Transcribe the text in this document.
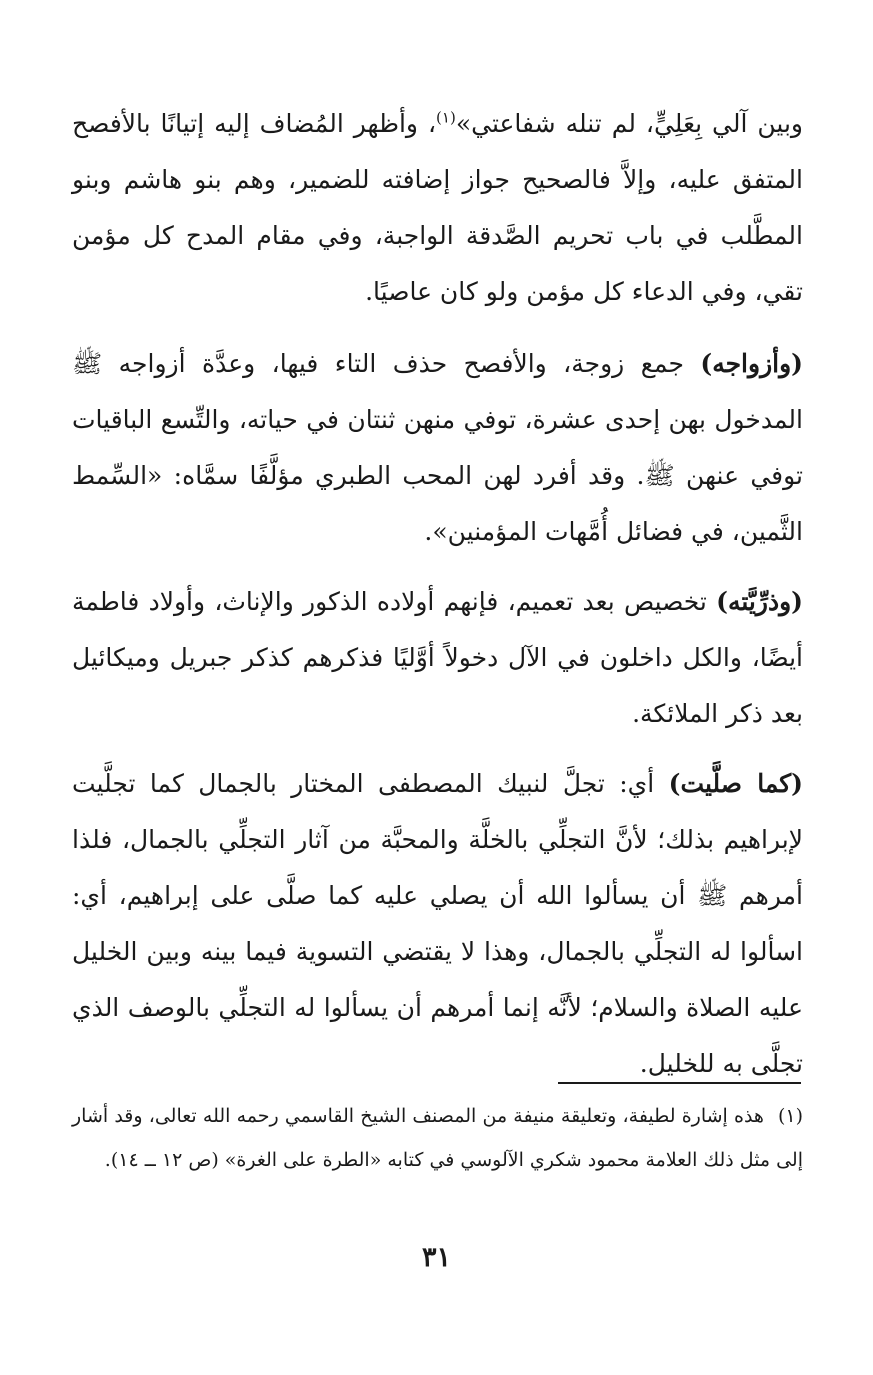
وبين آلي بِعَلِيٍّ، لم تنله شفاعتي»$^{(١)}$، وأظهر المُضاف إليه إتيانًا بالأفصح المتفق عليه، وإلاَّ فالصحيح جواز إضافته للضمير، وهم بنو هاشم وبنو المطَّلب في باب تحريم الصَّدقة الواجبة، وفي مقام المدح كل مؤمن تقي، وفي الدعاء كل مؤمن ولو كان عاصيًا.

(وأزواجه) جمع زوجة، والأفصح حذف التاء فيها، وعدَّة أزواجه ﷺ المدخول بهن إحدى عشرة، توفي منهن ثنتان في حياته، والتِّسع الباقيات توفي عنهن ﷺ. وقد أفرد لهن المحب الطبري مؤلَّفًا سمَّاه: «السِّمط الثَّمين، في فضائل أُمَّهات المؤمنين».

(وذرِّيَّته) تخصيص بعد تعميم، فإنهم أولاده الذكور والإناث، وأولاد فاطمة أيضًا، والكل داخلون في الآل دخولاً أوَّليًا فذكرهم كذكر جبريل وميكائيل بعد ذكر الملائكة.

(كما صلَّيت) أي: تجلَّ لنبيك المصطفى المختار بالجمال كما تجلَّيت لإبراهيم بذلك؛ لأنَّ التجلِّي بالخلَّة والمحبَّة من آثار التجلِّي بالجمال، فلذا أمرهم ﷺ أن يسألوا الله أن يصلي عليه كما صلَّى على إبراهيم، أي: اسألوا له التجلِّي بالجمال، وهذا لا يقتضي التسوية فيما بينه وبين الخليل عليه الصلاة والسلام؛ لأنَّه إنما أمرهم أن يسألوا له التجلِّي بالوصف الذي تجلَّى به للخليل.

(١)هذه إشارة لطيفة، وتعليقة منيفة من المصنف الشيخ القاسمي رحمه الله تعالى، وقد أشار إلى مثل ذلك العلامة محمود شكري الآلوسي في كتابه «الطرة على الغرة» (ص ١٢ ــ ١٤).
٣١
